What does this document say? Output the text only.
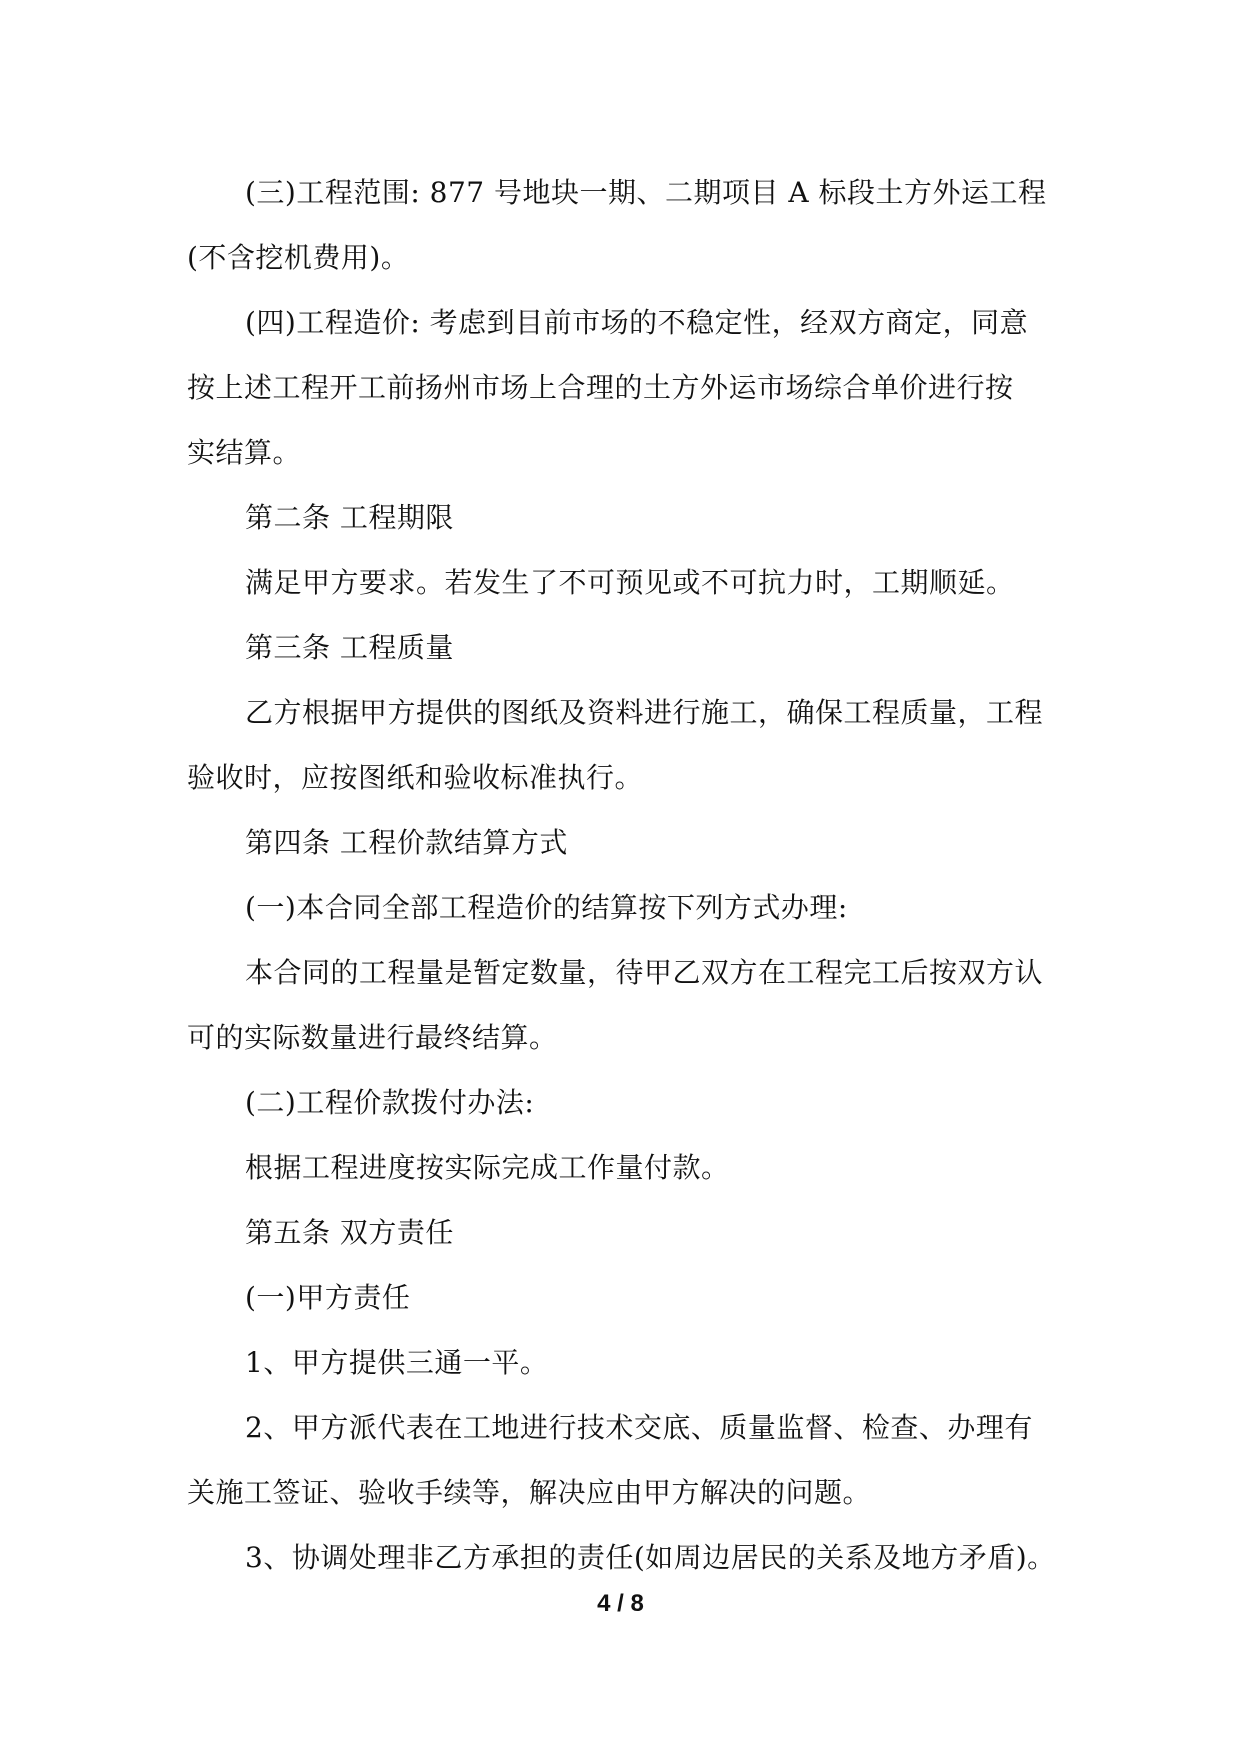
(三)工程范围: 877 号地块一期、二期项目 A 标段土方外运工程
(不含挖机费用)。
(四)工程造价: 考虑到目前市场的不稳定性，经双方商定，同意
按上述工程开工前扬州市场上合理的土方外运市场综合单价进行按
实结算。
第二条 工程期限
满足甲方要求。若发生了不可预见或不可抗力时，工期顺延。
第三条 工程质量
乙方根据甲方提供的图纸及资料进行施工，确保工程质量，工程
验收时，应按图纸和验收标准执行。
第四条 工程价款结算方式
(一)本合同全部工程造价的结算按下列方式办理:
本合同的工程量是暂定数量，待甲乙双方在工程完工后按双方认
可的实际数量进行最终结算。
(二)工程价款拨付办法:
根据工程进度按实际完成工作量付款。
第五条 双方责任
(一)甲方责任
1、甲方提供三通一平。
2、甲方派代表在工地进行技术交底、质量监督、检查、办理有
关施工签证、验收手续等，解决应由甲方解决的问题。
3、协调处理非乙方承担的责任(如周边居民的关系及地方矛盾)。
4 / 8
